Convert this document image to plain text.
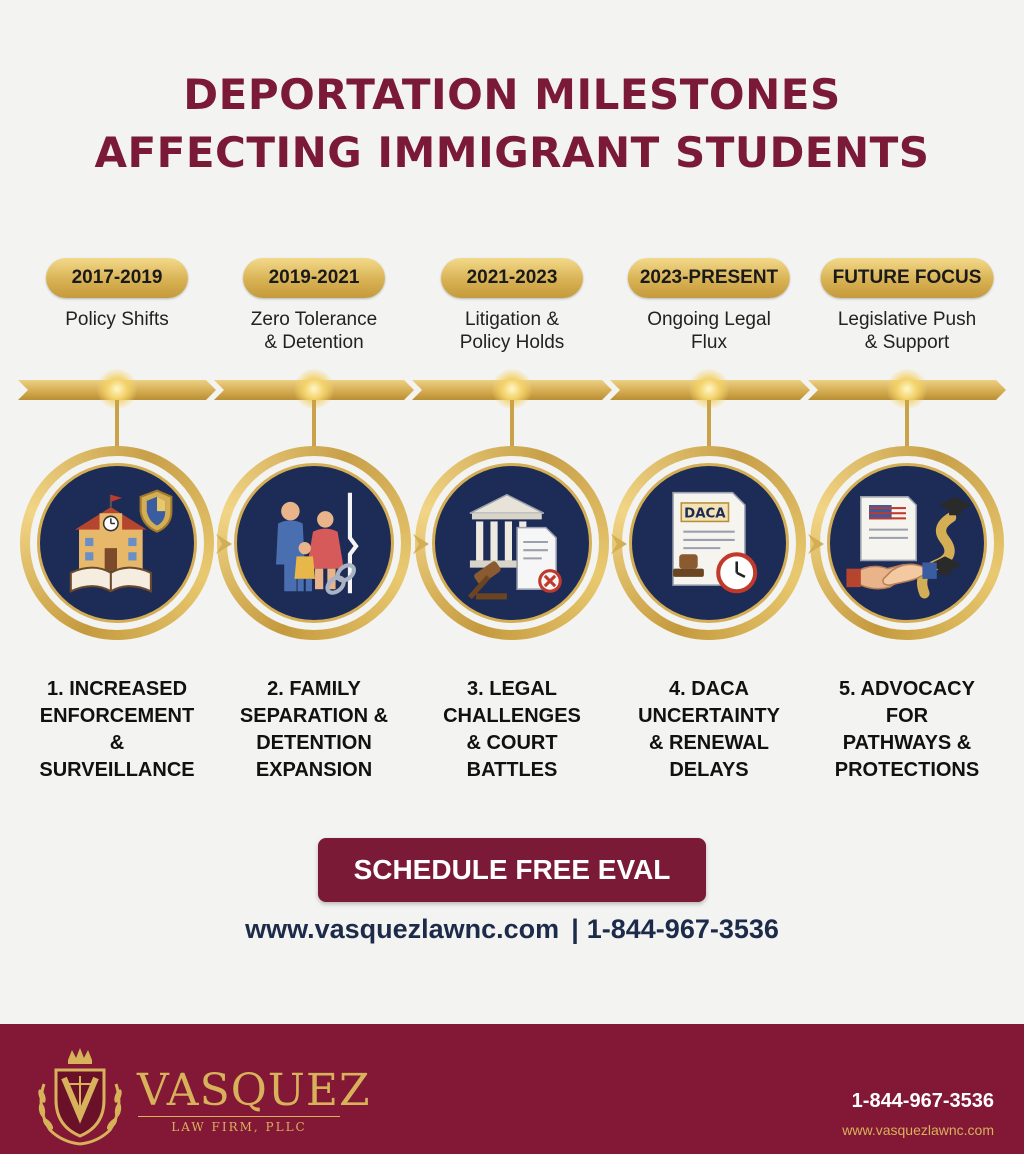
DEPORTATION MILESTONES
AFFECTING IMMIGRANT STUDENTS
2017-2019
Policy Shifts
1. INCREASED
ENFORCEMENT
&
SURVEILLANCE
2019-2021
Zero Tolerance
& Detention
2. FAMILY
SEPARATION &
DETENTION
EXPANSION
2021-2023
Litigation &
Policy Holds
3. LEGAL
CHALLENGES
& COURT
BATTLES
2023-PRESENT
Ongoing Legal
Flux
DACA
4. DACA
UNCERTAINTY
& RENEWAL
DELAYS
FUTURE FOCUS
Legislative Push
& Support
5. ADVOCACY
FOR
PATHWAYS &
PROTECTIONS
SCHEDULE FREE EVAL
www.vasquezlawnc.com | 1-844-967-3536
VASQUEZ
LAW FIRM, PLLC
1-844-967-3536
www.vasquezlawnc.com
